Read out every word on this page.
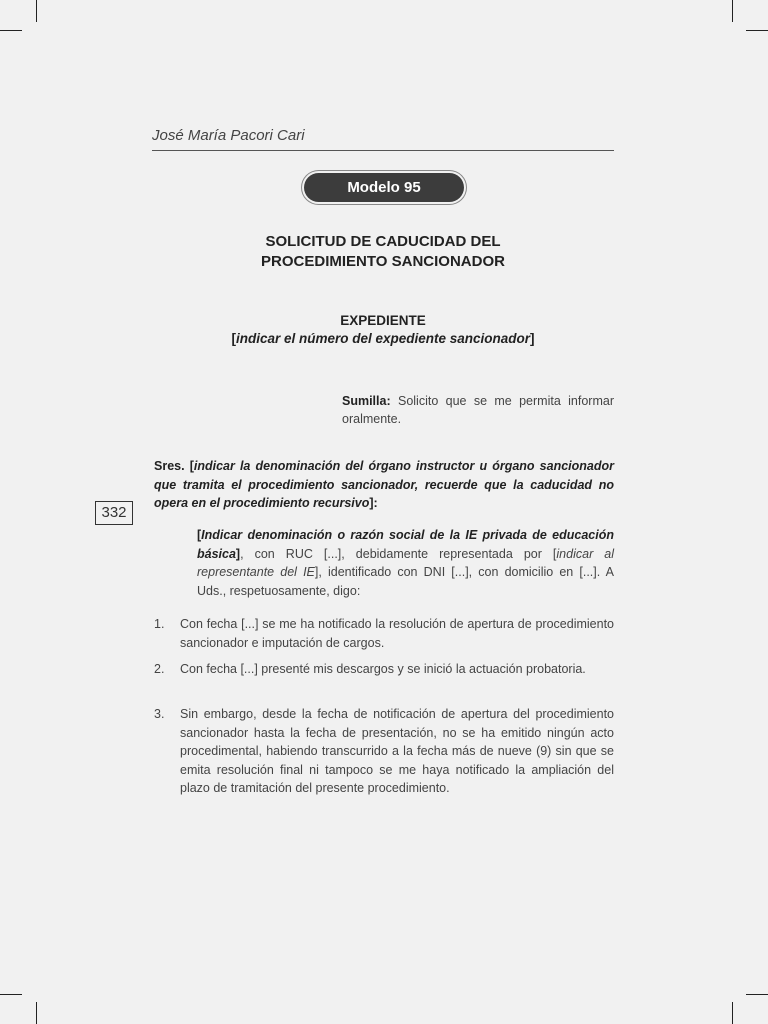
José María Pacori Cari
Modelo 95
SOLICITUD DE CADUCIDAD DEL
PROCEDIMIENTO SANCIONADOR
EXPEDIENTE
[indicar el número del expediente sancionador]
Sumilla: Solicito que se me permita informar oralmente.
332
Sres. [indicar la denominación del órgano instructor u órgano sancionador que tramita el procedimiento sancionador, recuerde que la caducidad no opera en el procedimiento recursivo]:
[Indicar denominación o razón social de la IE privada de educación básica], con RUC [...], debidamente representada por [indicar al representante del IE], identificado con DNI [...], con domicilio en [...]. A Uds., respetuosamente, digo:
1. Con fecha [...] se me ha notificado la resolución de apertura de procedimiento sancionador e imputación de cargos.
2. Con fecha [...] presenté mis descargos y se inició la actuación probatoria.
3. Sin embargo, desde la fecha de notificación de apertura del procedimiento sancionador hasta la fecha de presentación, no se ha emitido ningún acto procedimental, habiendo transcurrido a la fecha más de nueve (9) sin que se emita resolución final ni tampoco se me haya notificado la ampliación del plazo de tramitación del presente procedimiento.
